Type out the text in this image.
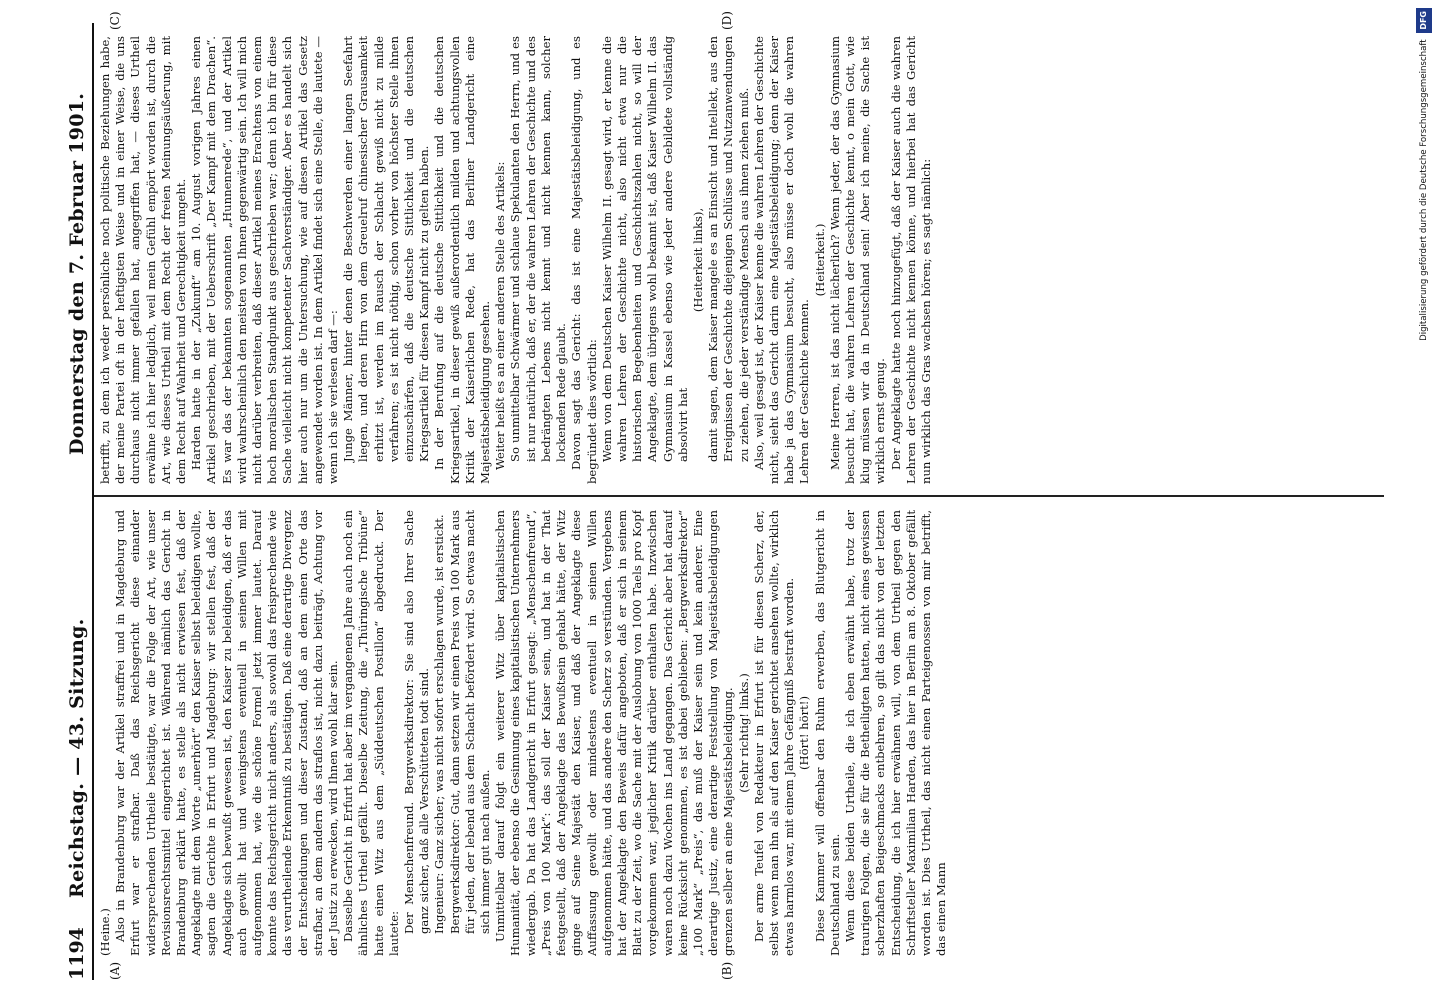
1194
Reichstag. — 43. Sitzung.
Donnerstag den 7. Februar 1901.
(A)	(B)
(C)	(D)

(Heine.) Also in Brandenburg war der Artikel straffrei und in Magdeburg und Erfurt war er strafbar. Daß das Reichsgericht diese einander widersprechenden Urtheile bestätigte, war die Folge der Art, wie unser Revisionsrechtsmittel eingerichtet ist. Während nämlich das Gericht in Brandenburg erklärt hatte, es stelle als nicht erwiesen fest, daß der Angeklagte mit dem Worte „unerhört“ den Kaiser selbst beleidigen wollte, sagten die Gerichte in Erfurt und Magdeburg: wir stellen fest, daß der Angeklagte sich bewußt gewesen ist, den Kaiser zu beleidigen, daß er das auch gewollt hat und wenigstens eventuell in seinen Willen mit aufgenommen hat, wie die schöne Formel jetzt immer lautet. Darauf konnte das Reichsgericht nicht anders, als sowohl das freisprechende wie das verurtheilende Erkenntniß zu bestätigen. Daß eine derartige Divergenz der Entscheidungen und dieser Zustand, daß an dem einen Orte das strafbar, an dem andern das straflos ist, nicht dazu beiträgt, Achtung vor der Justiz zu erwecken, wird Ihnen wohl klar sein. Dasselbe Gericht in Erfurt hat aber im vergangenen Jahre auch noch ein ähnliches Urtheil gefällt. Dieselbe Zeitung, die „Thüringische Tribüne“ hatte einen Witz aus dem „Süddeutschen Postillon“ abgedruckt. Der lautete: Der Menschenfreund. Bergwerksdirektor: Sie sind also Ihrer Sache ganz sicher, daß alle Verschütteten todt sind. Ingenieur: Ganz sicher; was nicht sofort erschlagen wurde, ist erstickt. Bergwerksdirektor: Gut, dann setzen wir einen Preis von 100 Mark aus für jeden, der lebend aus dem Schacht befördert wird. So etwas macht sich immer gut nach außen. Unmittelbar darauf folgt ein weiterer Witz über kapitalistischen Humanität, der ebenso die Gesinnung eines kapitalistischen Unternehmers wiedergab. Da hat das Landgericht in Erfurt gesagt: „Menschenfreund“, „Preis von 100 Mark“: das soll der Kaiser sein, und hat in der That festgestellt, daß der Angeklagte das Bewußtsein gehabt hätte, der Witz ginge auf Seine Majestät den Kaiser, und daß der Angeklagte diese Auffassung gewollt oder mindestens eventuell in seinen Willen aufgenommen hätte, und das andere den Scherz so verstünden. Vergebens hat der Angeklagte den Beweis dafür angeboten, daß er sich in seinem Blatt zu der Zeit, wo die Sache mit der Auslobung von 1000 Taels pro Kopf vorgekommen war, jeglicher Kritik darüber enthalten habe. Inzwischen waren noch dazu Wochen ins Land gegangen. Das Gericht aber hat darauf keine Rücksicht genommen, es ist dabei geblieben: „Bergwerksdirektor“ „100 Mark“ „Preis“, das muß der Kaiser sein und kein anderer. Eine derartige Justiz, eine derartige Feststellung von Majestätsbeleidigungen grenzen selber an eine Majestätsbeleidigung. (Sehr richtig! links.) Der arme Teufel von Redakteur in Erfurt ist für diesen Scherz, der, selbst wenn man ihn als auf den Kaiser gerichtet ansehen wollte, wirklich etwas harmlos war, mit einem Jahre Gefängniß bestraft worden. (Hört! hört!) Diese Kammer will offenbar den Ruhm erwerben, das Blutgericht in Deutschland zu sein. Wenn diese beiden Urtheile, die ich eben erwähnt habe, trotz der traurigen Folgen, die sie für die Betheiligten hatten, nicht eines gewissen scherzhaften Beigeschmacks entbehren, so gilt das nicht von der letzten Entscheidung, die ich hier erwähnen will, von dem Urtheil gegen den Schriftsteller Maximilian Harden, das hier in Berlin am 8. Oktober gefällt worden ist. Dies Urtheil, das nicht einen Parteigenossen von mir betrifft, das einen Mann

betrifft, zu dem ich weder persönliche noch politische Beziehungen habe, der meine Partei oft in der heftigsten Weise und in einer Weise, die uns durchaus nicht immer gefallen hat, angegriffen hat, — dieses Urtheil erwähne ich hier lediglich, weil mein Gefühl empört worden ist, durch die Art, wie dieses Urtheil mit dem Recht der freien Meinungsäußerung, mit dem Recht auf Wahrheit und Gerechtigkeit umgeht. Harden hatte in der „Zukunft“ am 10. August vorigen Jahres einen Artikel geschrieben, mit der Ueberschrift „Der Kampf mit dem Drachen“. Es war das der bekannten sogenannten „Hunnenrede“, und der Artikel wird wahrscheinlich den meisten von Ihnen gegenwärtig sein. Ich will mich nicht darüber verbreiten, daß dieser Artikel meines Erachtens von einem hoch moralischen Standpunkt aus geschrieben war; denn ich bin für diese Sache vielleicht nicht kompetenter Sachverständiger. Aber es handelt sich hier auch nur um die Untersuchung, wie auf diesen Artikel das Gesetz angewendet worden ist. In dem Artikel findet sich eine Stelle, die lautete — wenn ich sie verlesen darf —: Junge Männer, hinter denen die Beschwerden einer langen Seefahrt liegen, und deren Hirn von dem Greuelruf chinesischer Grausamkeit erhitzt ist, werden im Rausch der Schlacht gewiß nicht zu milde verfahren; es ist nicht nöthig, schon vorher von höchster Stelle ihnen einzuschärfen, daß die deutsche Sittlichkeit und die deutschen Kriegsartikel für diesen Kampf nicht zu gelten haben. In der Berufung auf die deutsche Sittlichkeit und die deutschen Kriegsartikel, in dieser gewiß außerordentlich milden und achtungsvollen Kritik der Kaiserlichen Rede, hat das Berliner Landgericht eine Majestätsbeleidigung gesehen. Weiter heißt es an einer anderen Stelle des Artikels: So unmittelbar Schwärmer und schlaue Spekulanten den Herrn, und es ist nur natürlich, daß er, der die wahren Lehren der Geschichte und des bedrängten Lebens nicht kennt und nicht kennen kann, solcher lockenden Rede glaubt. Davon sagt das Gericht: das ist eine Majestätsbeleidigung, und es begründet dies wörtlich: Wenn von dem Deutschen Kaiser Wilhelm II. gesagt wird, er kenne die wahren Lehren der Geschichte nicht, also nicht etwa nur die historischen Begebenheiten und Geschichtszahlen nicht, so will der Angeklagte, dem übrigens wohl bekannt ist, daß Kaiser Wilhelm II. das Gymnasium in Kassel ebenso wie jeder andere Gebildete vollständig absolvirt hat

(Heiterkeit links), damit sagen, dem Kaiser mangele es an Einsicht und Intellekt, aus den Ereignissen der Geschichte diejenigen Schlüsse und Nutzanwendungen zu ziehen, die jeder verständige Mensch aus ihnen ziehen muß. Also, weil gesagt ist, der Kaiser kenne die wahren Lehren der Geschichte nicht, sieht das Gericht darin eine Majestätsbeleidigung; denn der Kaiser habe ja das Gymnasium besucht, also müsse er doch wohl die wahren Lehren der Geschichte kennen.

(Heiterkeit.) Meine Herren, ist das nicht lächerlich? Wenn jeder, der das Gymnasium besucht hat, die wahren Lehren der Geschichte kennt, o mein Gott, wie klug müssen wir da in Deutschland sein! Aber ich meine, die Sache ist wirklich ernst genug. Der Angeklagte hatte noch hinzugefügt, daß der Kaiser auch die wahren Lehren der Geschichte nicht kennen könne, und hierbei hat das Gericht nun wirklich das Gras wachsen hören; es sagt nämlich:	Digitalisierung gefördert durch die Deutsche Forschungsgemeinschaft DFG
